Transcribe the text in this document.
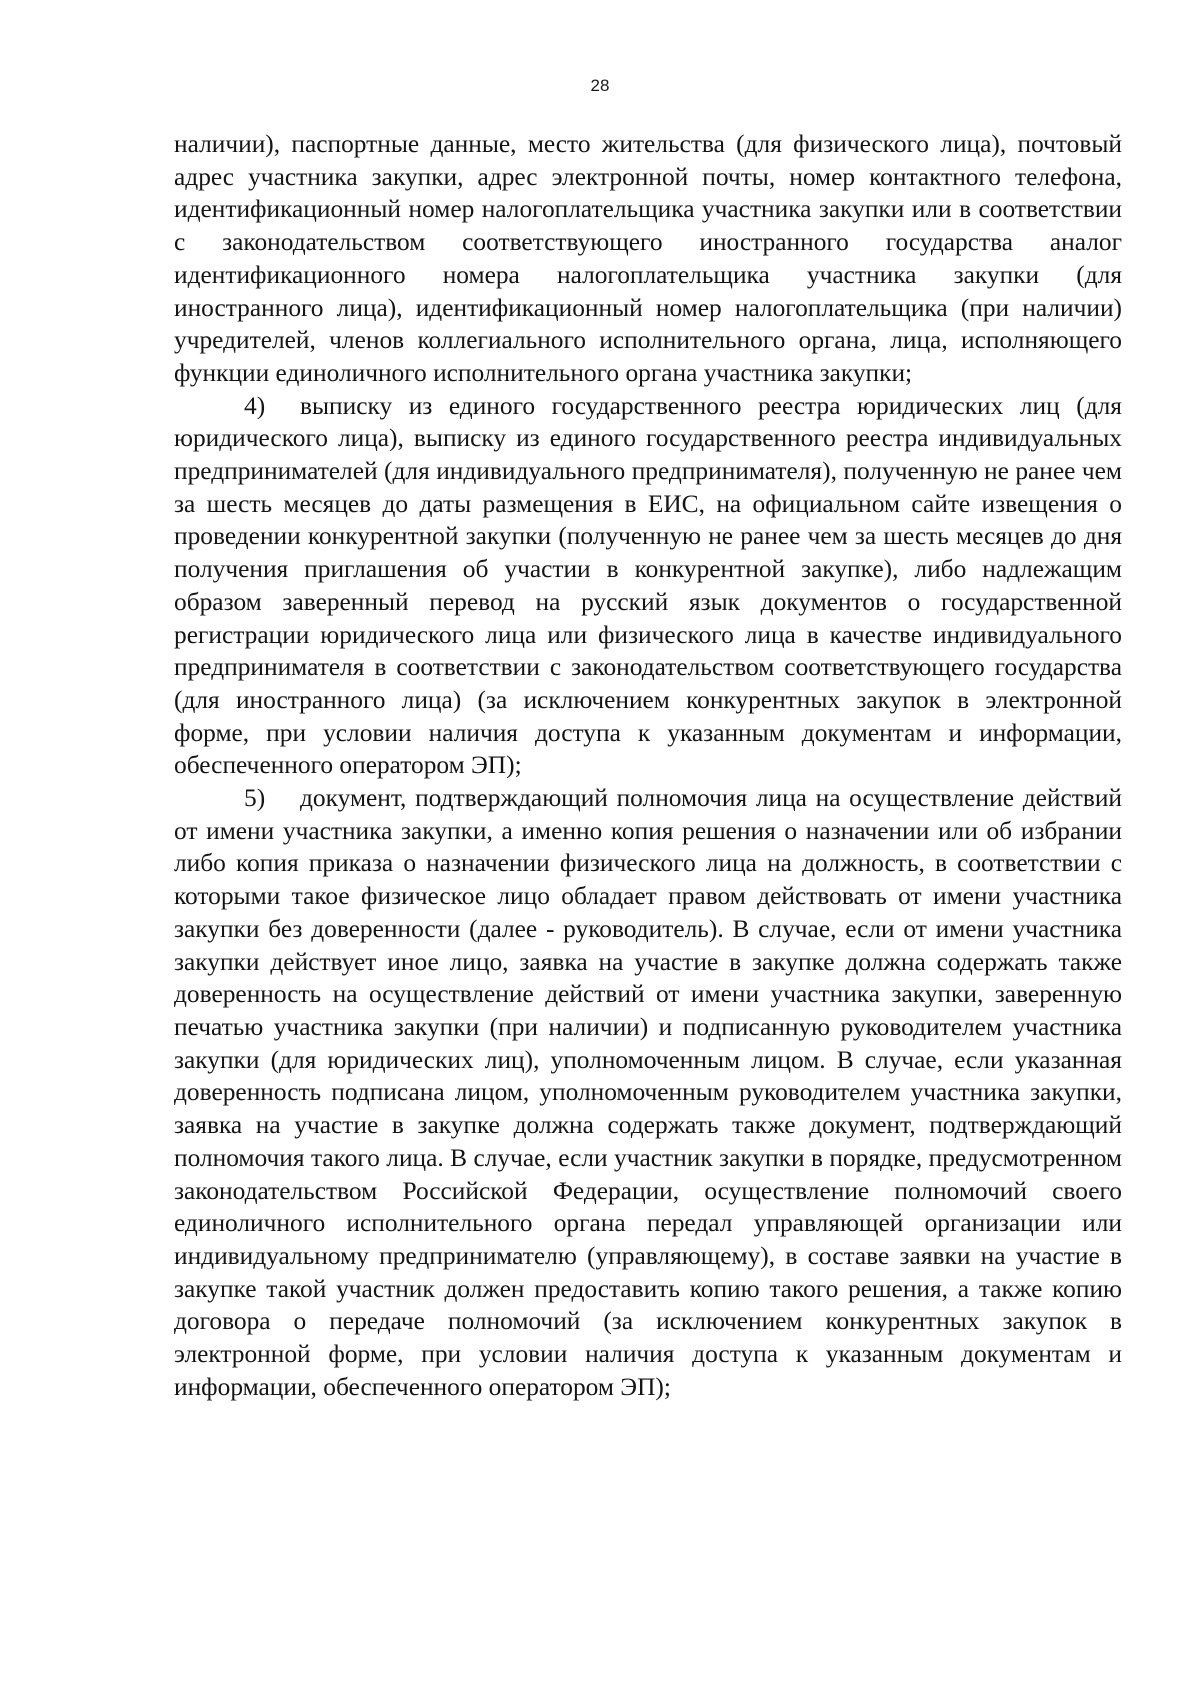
28

наличии), паспортные данные, место жительства (для физического лица), почтовый адрес участника закупки, адрес электронной почты, номер контактного телефона, идентификационный номер налогоплательщика участника закупки или в соответствии с законодательством соответствующего иностранного государства аналог идентификационного номера налогоплательщика участника закупки (для иностранного лица), идентификационный номер налогоплательщика (при наличии) учредителей, членов коллегиального исполнительного органа, лица, исполняющего функции единоличного исполнительного органа участника закупки;

4) выписку из единого государственного реестра юридических лиц (для юридического лица), выписку из единого государственного реестра индивидуальных предпринимателей (для индивидуального предпринимателя), полученную не ранее чем за шесть месяцев до даты размещения в ЕИС, на официальном сайте извещения о проведении конкурентной закупки (полученную не ранее чем за шесть месяцев до дня получения приглашения об участии в конкурентной закупке), либо надлежащим образом заверенный перевод на русский язык документов о государственной регистрации юридического лица или физического лица в качестве индивидуального предпринимателя в соответствии с законодательством соответствующего государства (для иностранного лица) (за исключением конкурентных закупок в электронной форме, при условии наличия доступа к указанным документам и информации, обеспеченного оператором ЭП);

5) документ, подтверждающий полномочия лица на осуществление действий от имени участника закупки, а именно копия решения о назначении или об избрании либо копия приказа о назначении физического лица на должность, в соответствии с которыми такое физическое лицо обладает правом действовать от имени участника закупки без доверенности (далее - руководитель). В случае, если от имени участника закупки действует иное лицо, заявка на участие в закупке должна содержать также доверенность на осуществление действий от имени участника закупки, заверенную печатью участника закупки (при наличии) и подписанную руководителем участника закупки (для юридических лиц), уполномоченным лицом. В случае, если указанная доверенность подписана лицом, уполномоченным руководителем участника закупки, заявка на участие в закупке должна содержать также документ, подтверждающий полномочия такого лица. В случае, если участник закупки в порядке, предусмотренном законодательством Российской Федерации, осуществление полномочий своего единоличного исполнительного органа передал управляющей организации или индивидуальному предпринимателю (управляющему), в составе заявки на участие в закупке такой участник должен предоставить копию такого решения, а также копию договора о передаче полномочий (за исключением конкурентных закупок в электронной форме, при условии наличия доступа к указанным документам и информации, обеспеченного оператором ЭП);
